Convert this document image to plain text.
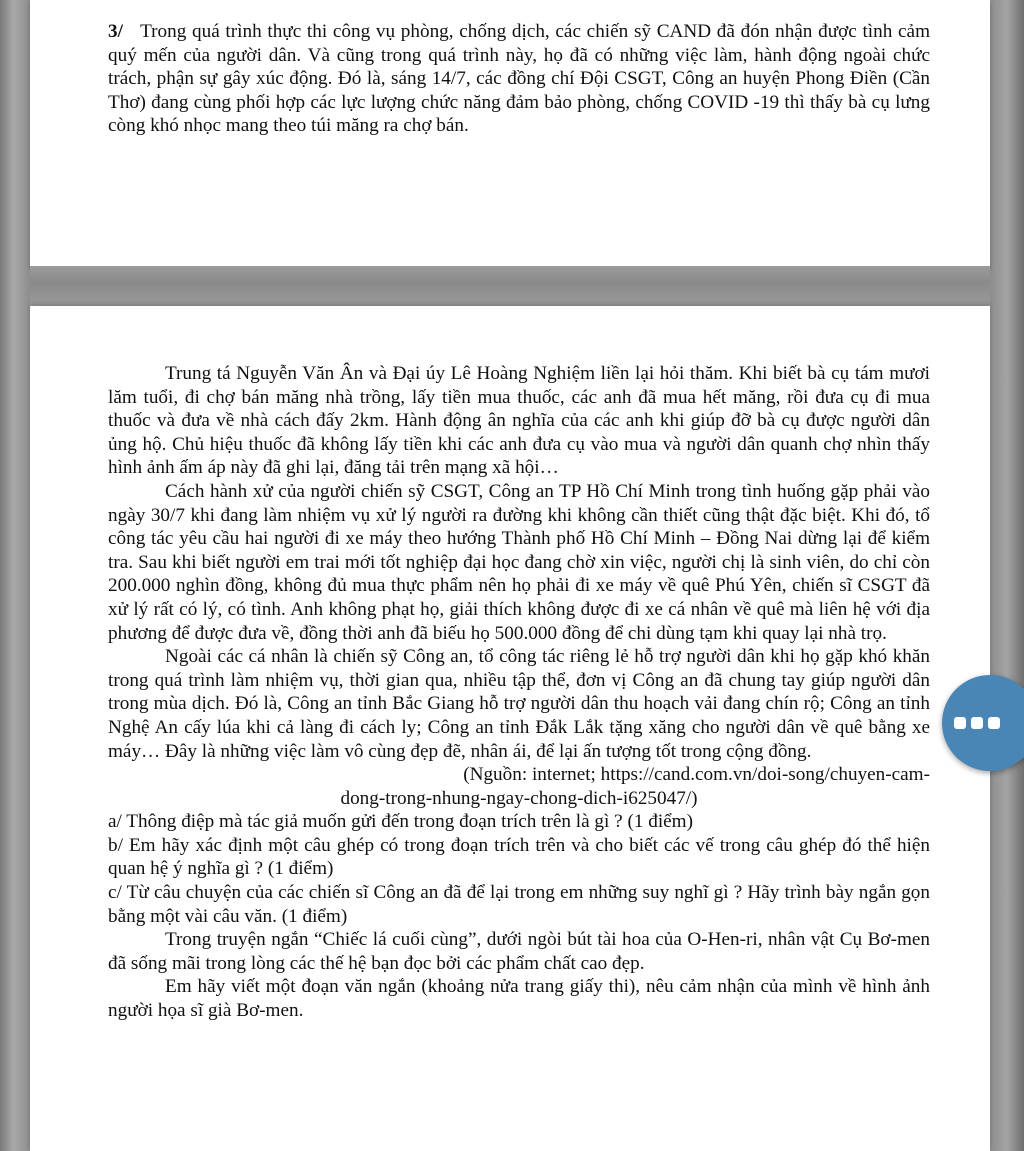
3/ Trong quá trình thực thi công vụ phòng, chống dịch, các chiến sỹ CAND đã đón nhận được tình cảm quý mến của người dân. Và cũng trong quá trình này, họ đã có những việc làm, hành động ngoài chức trách, phận sự gây xúc động. Đó là, sáng 14/7, các đồng chí Đội CSGT, Công an huyện Phong Điền (Cần Thơ) đang cùng phối hợp các lực lượng chức năng đảm bảo phòng, chống COVID -19 thì thấy bà cụ lưng còng khó nhọc mang theo túi măng ra chợ bán.

Trung tá Nguyễn Văn Ân và Đại úy Lê Hoàng Nghiệm liền lại hỏi thăm. Khi biết bà cụ tám mươi lăm tuổi, đi chợ bán măng nhà trồng, lấy tiền mua thuốc, các anh đã mua hết măng, rồi đưa cụ đi mua thuốc và đưa về nhà cách đấy 2km. Hành động ân nghĩa của các anh khi giúp đỡ bà cụ được người dân ủng hộ. Chủ hiệu thuốc đã không lấy tiền khi các anh đưa cụ vào mua và người dân quanh chợ nhìn thấy hình ảnh ấm áp này đã ghi lại, đăng tải trên mạng xã hội…

Cách hành xử của người chiến sỹ CSGT, Công an TP Hồ Chí Minh trong tình huống gặp phải vào ngày 30/7 khi đang làm nhiệm vụ xử lý người ra đường khi không cần thiết cũng thật đặc biệt. Khi đó, tổ công tác yêu cầu hai người đi xe máy theo hướng Thành phố Hồ Chí Minh – Đồng Nai dừng lại để kiểm tra. Sau khi biết người em trai mới tốt nghiệp đại học đang chờ xin việc, người chị là sinh viên, do chỉ còn 200.000 nghìn đồng, không đủ mua thực phẩm nên họ phải đi xe máy về quê Phú Yên, chiến sĩ CSGT đã xử lý rất có lý, có tình. Anh không phạt họ, giải thích không được đi xe cá nhân về quê mà liên hệ với địa phương để được đưa về, đồng thời anh đã biếu họ 500.000 đồng để chi dùng tạm khi quay lại nhà trọ.

Ngoài các cá nhân là chiến sỹ Công an, tổ công tác riêng lẻ hỗ trợ người dân khi họ gặp khó khăn trong quá trình làm nhiệm vụ, thời gian qua, nhiều tập thể, đơn vị Công an đã chung tay giúp người dân trong mùa dịch. Đó là, Công an tỉnh Bắc Giang hỗ trợ người dân thu hoạch vải đang chín rộ; Công an tỉnh Nghệ An cấy lúa khi cả làng đi cách ly; Công an tỉnh Đắk Lắk tặng xăng cho người dân về quê bằng xe máy… Đây là những việc làm vô cùng đẹp đẽ, nhân ái, để lại ấn tượng tốt trong cộng đồng.

(Nguồn: internet; https://cand.com.vn/doi-song/chuyen-cam-

dong-trong-nhung-ngay-chong-dich-i625047/)

a/ Thông điệp mà tác giả muốn gửi đến trong đoạn trích trên là gì ? (1 điểm)

b/ Em hãy xác định một câu ghép có trong đoạn trích trên và cho biết các vế trong câu ghép đó thể hiện quan hệ ý nghĩa gì ? (1 điểm)

c/ Từ câu chuyện của các chiến sĩ Công an đã để lại trong em những suy nghĩ gì ? Hãy trình bày ngắn gọn bằng một vài câu văn. (1 điểm)

Trong truyện ngắn “Chiếc lá cuối cùng”, dưới ngòi bút tài hoa của O-Hen-ri, nhân vật Cụ Bơ-men đã sống mãi trong lòng các thế hệ bạn đọc bởi các phẩm chất cao đẹp.

Em hãy viết một đoạn văn ngắn (khoảng nửa trang giấy thi), nêu cảm nhận của mình về hình ảnh người họa sĩ già Bơ-men.
